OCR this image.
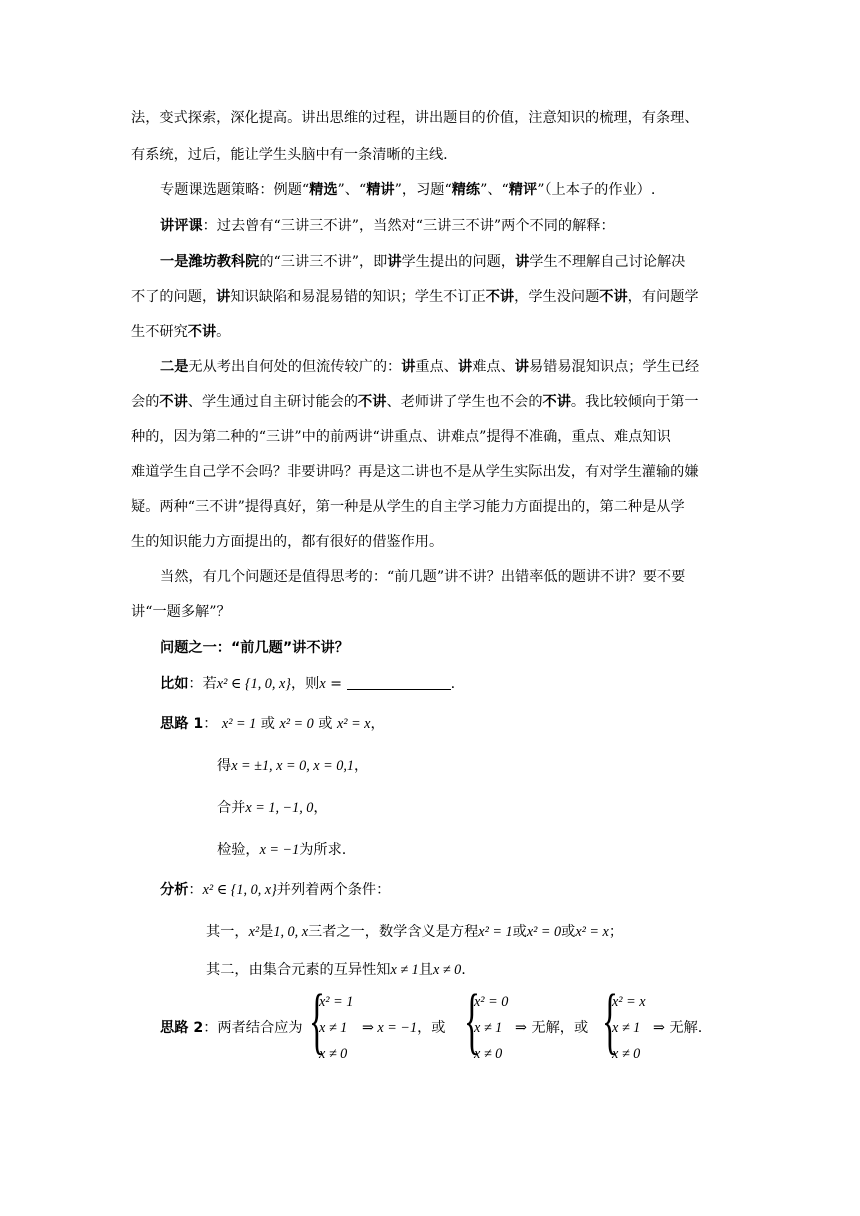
法，变式探索，深化提高。讲出思维的过程，讲出题目的价值，注意知识的梳理，有条理、
有系统，过后，能让学生头脑中有一条清晰的主线.
专题课选题策略：例题“精选”、“精讲”，习题“精练”、“精评”（上本子的作业）.
讲评课：过去曾有“三讲三不讲”，当然对“三讲三不讲”两个不同的解释：
一是潍坊教科院的“三讲三不讲”，即讲学生提出的问题，讲学生不理解自己讨论解决
不了的问题，讲知识缺陷和易混易错的知识；学生不订正不讲，学生没问题不讲，有问题学
生不研究不讲。
二是无从考出自何处的但流传较广的：讲重点、讲难点、讲易错易混知识点；学生已经
会的不讲、学生通过自主研讨能会的不讲、老师讲了学生也不会的不讲。我比较倾向于第一
种的，因为第二种的“三讲”中的前两讲“讲重点、讲难点”提得不准确，重点、难点知识
难道学生自己学不会吗？非要讲吗？再是这二讲也不是从学生实际出发，有对学生灌输的嫌
疑。两种“三不讲”提得真好，第一种是从学生的自主学习能力方面提出的，第二种是从学
生的知识能力方面提出的，都有很好的借鉴作用。
当然，有几个问题还是值得思考的：“前几题”讲不讲？出错率低的题讲不讲？要不要
讲“一题多解”？
问题之一：“前几题”讲不讲？
比如：若x² ∈ {1, 0, x}，则x =	.
思路 1： x² = 1 或 x² = 0 或 x² = x，
得x = ±1, x = 0, x = 0,1，
合并x = 1, −1, 0，
检验，x = −1为所求.
分析：x² ∈ {1, 0, x}并列着两个条件：
其一，x²是1, 0, x三者之一，数学含义是方程x² = 1或x² = 0或x² = x；
其二，由集合元素的互异性知x ≠ 1且x ≠ 0.
思路 2：两者结合应为 {
x² = 1
x ≠ 1
x ≠ 0
⇒ x = −1，或 {
x² = 0
x ≠ 1
x ≠ 0
⇒ 无解，或 {
x² = x
x ≠ 1
x ≠ 0
⇒ 无解.
